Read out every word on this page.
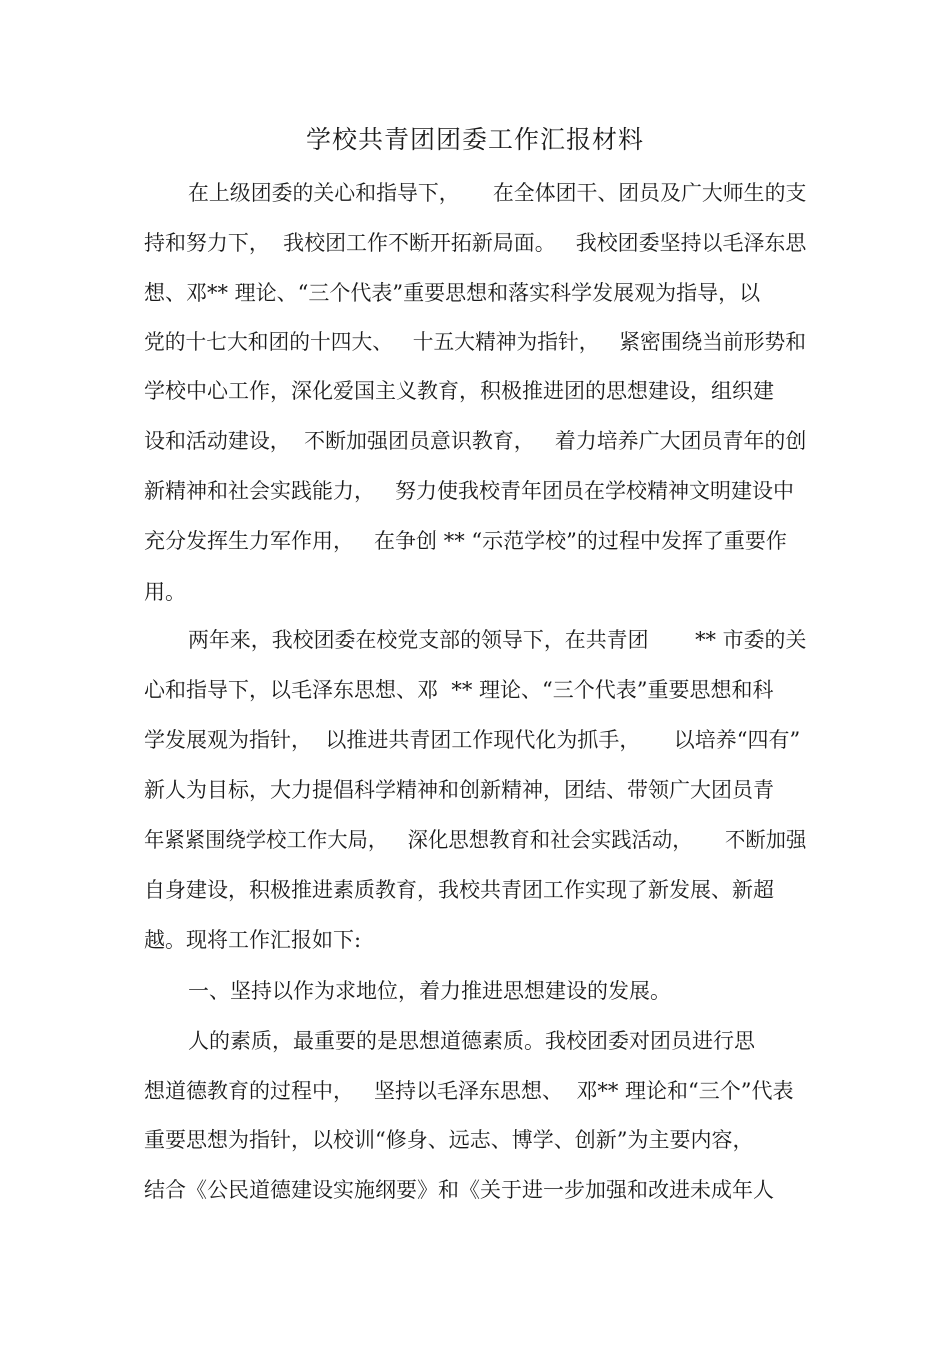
学校共青团团委工作汇报材料
在上级团委的关心和指导下，     在全体团干、团员及广大师生的支
持和努力下，  我校团工作不断开拓新局面。   我校团委坚持以毛泽东思
想、邓** 理论、“三个代表”重要思想和落实科学发展观为指导，以
党的十七大和团的十四大、   十五大精神为指针，   紧密围绕当前形势和
学校中心工作，深化爱国主义教育，积极推进团的思想建设，组织建
设和活动建设，  不断加强团员意识教育，   着力培养广大团员青年的创
新精神和社会实践能力，   努力使我校青年团员在学校精神文明建设中
充分发挥生力军作用，   在争创 ** “示范学校”的过程中发挥了重要作
用。
两年来，我校团委在校党支部的领导下，在共青团       ** 市委的关
心和指导下，以毛泽东思想、邓  ** 理论、“三个代表”重要思想和科
学发展观为指针，  以推进共青团工作现代化为抓手，     以培养“四有”
新人为目标，大力提倡科学精神和创新精神，团结、带领广大团员青
年紧紧围绕学校工作大局，   深化思想教育和社会实践活动，     不断加强
自身建设，积极推进素质教育，我校共青团工作实现了新发展、新超
越。现将工作汇报如下:
一、坚持以作为求地位，着力推进思想建设的发展。
人的素质，最重要的是思想道德素质。我校团委对团员进行思
想道德教育的过程中，   坚持以毛泽东思想、  邓** 理论和“三个”代表
重要思想为指针，以校训“修身、远志、博学、创新”为主要内容，
结合《公民道德建设实施纲要》和《关于进一步加强和改进未成年人
